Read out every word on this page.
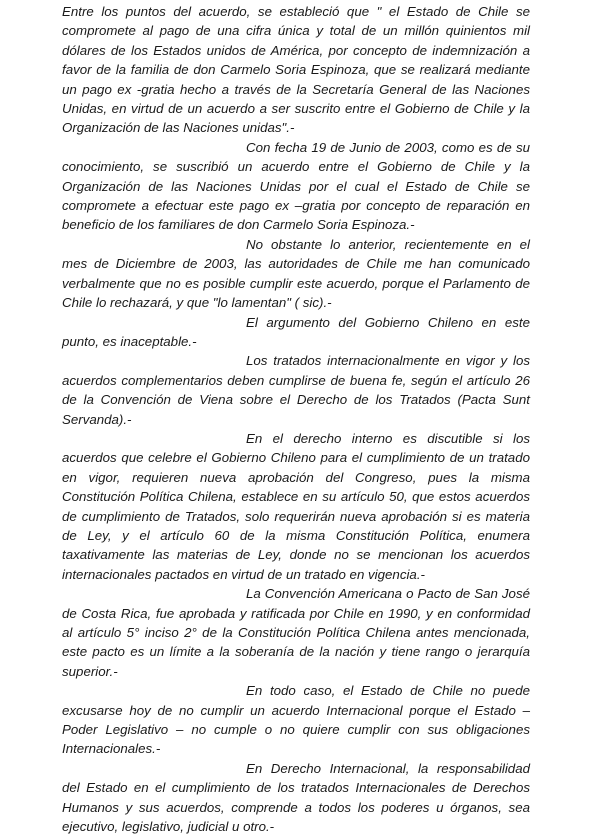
Entre los puntos del acuerdo, se estableció que " el Estado de Chile se compromete al pago de una cifra única y total de un millón quinientos mil dólares de los Estados unidos de América, por concepto de indemnización a favor de la familia de don Carmelo Soria Espinoza, que se realizará mediante un pago ex -gratia hecho a través de la Secretaría General de las Naciones Unidas, en virtud de un acuerdo a ser suscrito entre el Gobierno de Chile y la Organización de las Naciones unidas".-

Con fecha 19 de Junio de 2003, como es de su conocimiento, se suscribió un acuerdo entre el Gobierno de Chile y la Organización de las Naciones Unidas por el cual el Estado de Chile se compromete a efectuar este pago ex –gratia por concepto de reparación en beneficio de los familiares de don Carmelo Soria Espinoza.-

No obstante lo anterior, recientemente en el mes de Diciembre de 2003, las autoridades de Chile me han comunicado verbalmente que no es posible cumplir este acuerdo, porque el Parlamento de Chile lo rechazará, y que "lo lamentan" ( sic).-

El argumento del Gobierno Chileno en este punto, es inaceptable.-

Los tratados internacionalmente en vigor y los acuerdos complementarios deben cumplirse de buena fe, según el artículo 26 de la Convención de Viena sobre el Derecho de los Tratados (Pacta Sunt Servanda).-

En el derecho interno es discutible si los acuerdos que celebre el Gobierno Chileno para el cumplimiento de un tratado en vigor, requieren nueva aprobación del Congreso, pues la misma Constitución Política Chilena, establece en su artículo 50, que estos acuerdos de cumplimiento de Tratados, solo requerirán nueva aprobación si es materia de Ley, y el artículo 60 de la misma Constitución Política, enumera taxativamente las materias de Ley, donde no se mencionan los acuerdos internacionales pactados en virtud de un tratado en vigencia.-

La Convención Americana o Pacto de San José de Costa Rica, fue aprobada y ratificada por Chile en 1990, y en conformidad al artículo 5° inciso 2° de la Constitución Política Chilena antes mencionada, este pacto es un límite a la soberanía de la nación y tiene rango o jerarquía superior.-

En todo caso, el Estado de Chile no puede excusarse hoy de no cumplir un acuerdo Internacional porque el Estado – Poder Legislativo – no cumple o no quiere cumplir con sus obligaciones Internacionales.-

En Derecho Internacional, la responsabilidad del Estado en el cumplimiento de los tratados Internacionales de Derechos Humanos y sus acuerdos, comprende a todos los poderes u órganos, sea ejecutivo, legislativo, judicial u otro.-
